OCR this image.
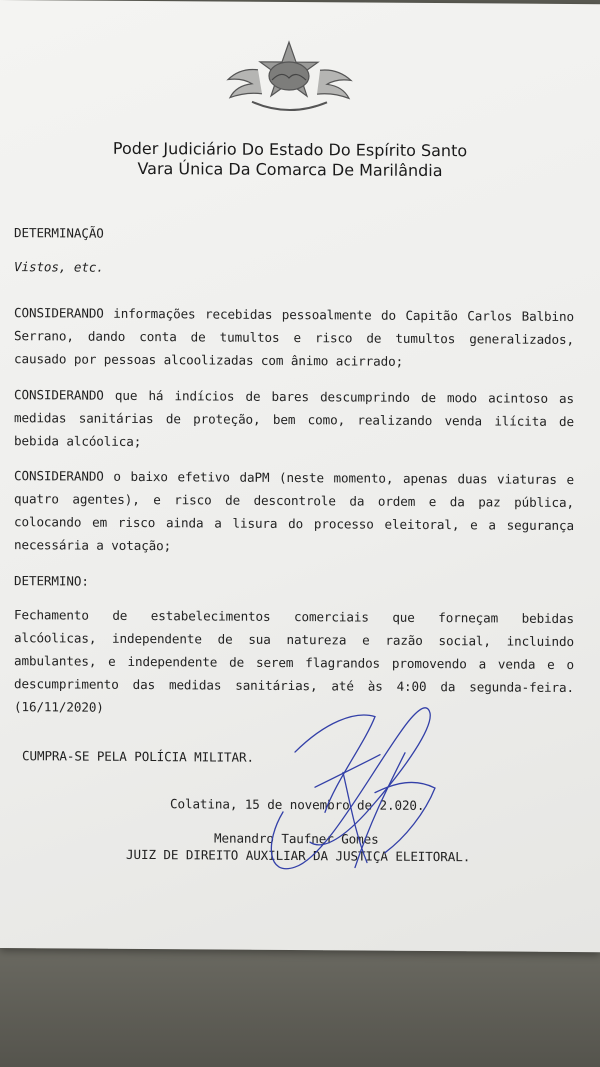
Poder Judiciário Do Estado Do Espírito Santo
Vara Única Da Comarca De Marilândia
DETERMINAÇÃO
Vistos, etc.
CONSIDERANDO informações recebidas pessoalmente do Capitão Carlos Balbino
Serrano, dando conta de tumultos e risco de tumultos generalizados,
causado por pessoas alcoolizadas com ânimo acirrado;
CONSIDERANDO que há indícios de bares descumprindo de modo acintoso as
medidas sanitárias de proteção, bem como, realizando venda ilícita de
bebida alcóolica;
CONSIDERANDO o baixo efetivo daPM (neste momento, apenas duas viaturas e
quatro agentes), e risco de descontrole da ordem e da paz pública,
colocando em risco ainda a lisura do processo eleitoral, e a segurança
necessária a votação;
DETERMINO:
Fechamento de estabelecimentos comerciais que forneçam bebidas
alcóolicas, independente de sua natureza e razão social, incluindo
ambulantes, e independente de serem flagrandos promovendo a venda e o
descumprimento das medidas sanitárias, até às 4:00 da segunda-feira.
(16/11/2020)
CUMPRA-SE PELA POLÍCIA MILITAR.
Colatina, 15 de novembro de 2.020.
Menandro Taufner Gomes
JUIZ DE DIREITO AUXILIAR DA JUSTIÇA ELEITORAL.
